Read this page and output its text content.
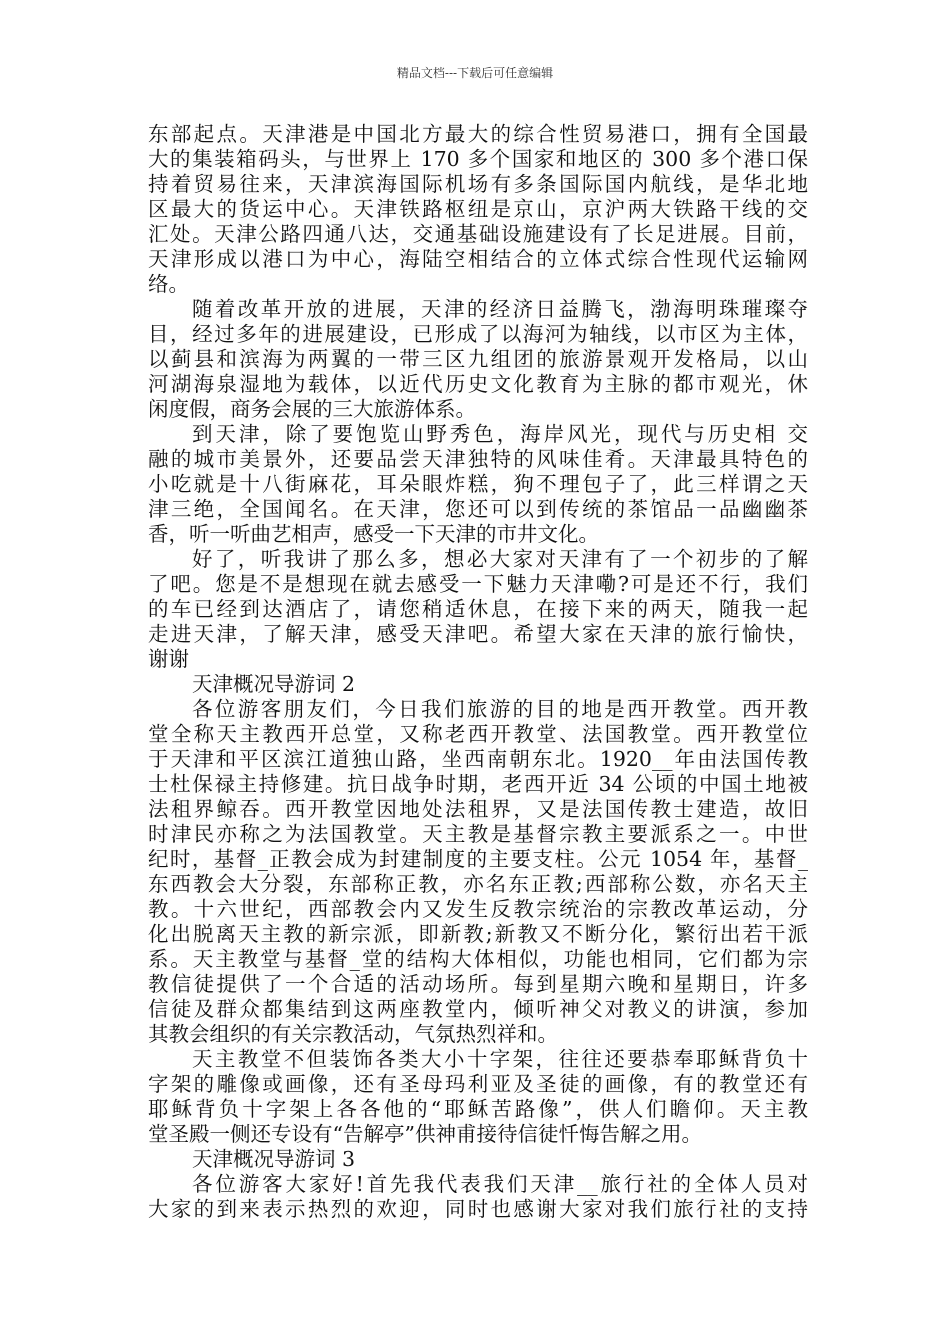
精品文档---下载后可任意编辑
东部起点。天津港是中国北方最大的综合性贸易港口，拥有全国最
大的集装箱码头，与世界上 170 多个国家和地区的 300 多个港口保
持着贸易往来，天津滨海国际机场有多条国际国内航线，是华北地
区最大的货运中心。天津铁路枢纽是京山，京沪两大铁路干线的交
汇处。天津公路四通八达，交通基础设施建设有了长足进展。目前，
天津形成以港口为中心，海陆空相结合的立体式综合性现代运输网
络。
随着改革开放的进展，天津的经济日益腾飞，渤海明珠璀璨夺
目，经过多年的进展建设，已形成了以海河为轴线，以市区为主体，
以蓟县和滨海为两翼的一带三区九组团的旅游景观开发格局，以山
河湖海泉湿地为载体，以近代历史文化教育为主脉的都市观光，休
闲度假，商务会展的三大旅游体系。
到天津，除了要饱览山野秀色，海岸风光，现代与历史相 交
融的城市美景外，还要品尝天津独特的风味佳肴。天津最具特色的
小吃就是十八街麻花，耳朵眼炸糕，狗不理包子了，此三样谓之天
津三绝，全国闻名。在天津，您还可以到传统的茶馆品一品幽幽茶
香，听一听曲艺相声，感受一下天津的市井文化。
好了，听我讲了那么多，想必大家对天津有了一个初步的了解
了吧。您是不是想现在就去感受一下魅力天津嘞?可是还不行，我们
的车已经到达酒店了，请您稍适休息，在接下来的两天，随我一起
走进天津，了解天津，感受天津吧。希望大家在天津的旅行愉快，
谢谢
天津概况导游词 2
各位游客朋友们，今日我们旅游的目的地是西开教堂。西开教
堂全称天主教西开总堂，又称老西开教堂、法国教堂。西开教堂位
于天津和平区滨江道独山路，坐西南朝东北。1920__年由法国传教
士杜保禄主持修建。抗日战争时期，老西开近 34 公顷的中国土地被
法租界鲸吞。西开教堂因地处法租界，又是法国传教士建造，故旧
时津民亦称之为法国教堂。天主教是基督宗教主要派系之一。中世
纪时，基督_正教会成为封建制度的主要支柱。公元 1054 年，基督_
东西教会大分裂，东部称正教，亦名东正教;西部称公数，亦名天主
教。十六世纪，西部教会内又发生反教宗统治的宗教改革运动，分
化出脱离天主教的新宗派，即新教;新教又不断分化，繁衍出若干派
系。天主教堂与基督_堂的结构大体相似，功能也相同，它们都为宗
教信徒提供了一个合适的活动场所。每到星期六晚和星期日，许多
信徒及群众都集结到这两座教堂内，倾听神父对教义的讲演，参加
其教会组织的有关宗教活动，气氛热烈祥和。
天主教堂不但装饰各类大小十字架，往往还要恭奉耶稣背负十
字架的雕像或画像，还有圣母玛利亚及圣徒的画像，有的教堂还有
耶稣背负十字架上各各他的“耶稣苦路像”，供人们瞻仰。天主教
堂圣殿一侧还专设有“告解亭”供神甫接待信徒忏悔告解之用。
天津概况导游词 3
各位游客大家好!首先我代表我们天津__旅行社的全体人员对
大家的到来表示热烈的欢迎，同时也感谢大家对我们旅行社的支持
